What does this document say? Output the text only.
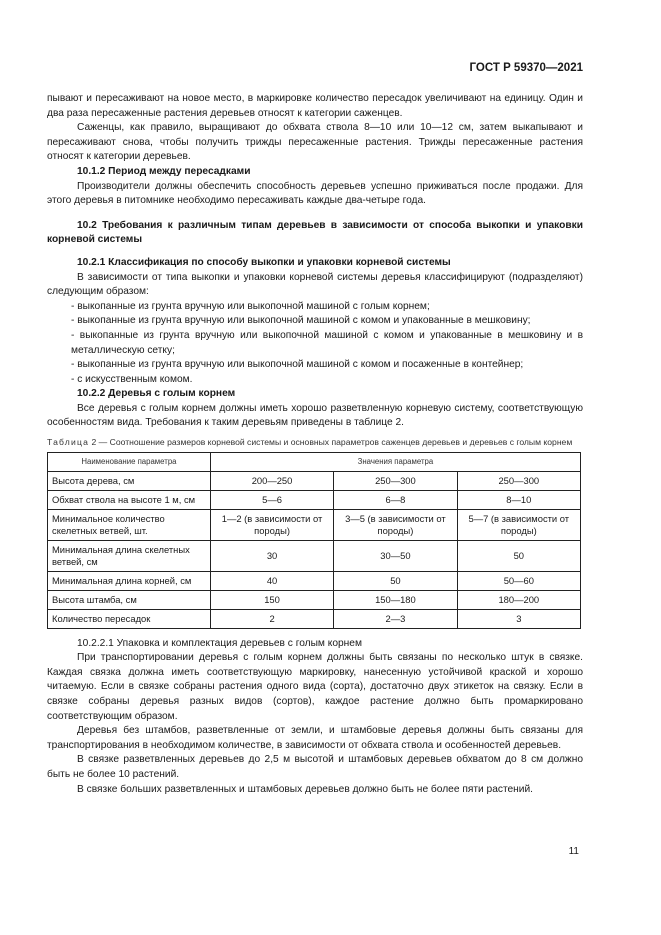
ГОСТ Р 59370—2021

пывают и пересаживают на новое место, в маркировке количество пересадок увеличивают на единицу. Один и два раза пересаженные растения деревьев относят к категории саженцев.

Саженцы, как правило, выращивают до обхвата ствола 8—10 или 10—12 см, затем выкапывают и пересаживают снова, чтобы получить трижды пересаженные растения. Трижды пересаженные растения относят к категории деревьев.

10.1.2 Период между пересадками

Производители должны обеспечить способность деревьев успешно приживаться после продажи. Для этого деревья в питомнике необходимо пересаживать каждые два-четыре года.

10.2 Требования к различным типам деревьев в зависимости от способа выкопки и упаковки корневой системы

10.2.1 Классификация по способу выкопки и упаковки корневой системы

В зависимости от типа выкопки и упаковки корневой системы деревья классифицируют (подразделяют) следующим образом:

- выкопанные из грунта вручную или выкопочной машиной с голым корнем;

- выкопанные из грунта вручную или выкопочной машиной с комом и упакованные в мешковину;

- выкопанные из грунта вручную или выкопочной машиной с комом и упакованные в мешковину и в металлическую сетку;

- выкопанные из грунта вручную или выкопочной машиной с комом и посаженные в контейнер;

- с искусственным комом.

10.2.2 Деревья с голым корнем

Все деревья с голым корнем должны иметь хорошо разветвленную корневую систему, соответствующую особенностям вида. Требования к таким деревьям приведены в таблице 2.

Таблица 2 — Соотношение размеров корневой системы и основных параметров саженцев деревьев и деревьев с голым корнем
Наименование параметра	Значения параметра		
Высота дерева, см	200—250	250—300	250—300
Обхват ствола на высоте 1 м, см	5—6	6—8	8—10
Минимальное количество скелетных ветвей, шт.	1—2 (в зависимости от породы)	3—5 (в зависимости от породы)	5—7 (в зависимости от породы)
Минимальная длина скелетных ветвей, см	30	30—50	50
Минимальная длина корней, см	40	50	50—60
Высота штамба, см	150	150—180	180—200
Количество пересадок	2	2—3	3

10.2.2.1 Упаковка и комплектация деревьев с голым корнем

При транспортировании деревья с голым корнем должны быть связаны по несколько штук в связке. Каждая связка должна иметь соответствующую маркировку, нанесенную устойчивой краской и хорошо читаемую. Если в связке собраны растения одного вида (сорта), достаточно двух этикеток на связку. Если в связке собраны деревья разных видов (сортов), каждое растение должно быть промаркировано соответствующим образом.

Деревья без штамбов, разветвленные от земли, и штамбовые деревья должны быть связаны для транспортирования в необходимом количестве, в зависимости от обхвата ствола и особенностей деревьев.

В связке разветвленных деревьев до 2,5 м высотой и штамбовых деревьев обхватом до 8 см должно быть не более 10 растений.

В связке больших разветвленных и штамбовых деревьев должно быть не более пяти растений.

11
